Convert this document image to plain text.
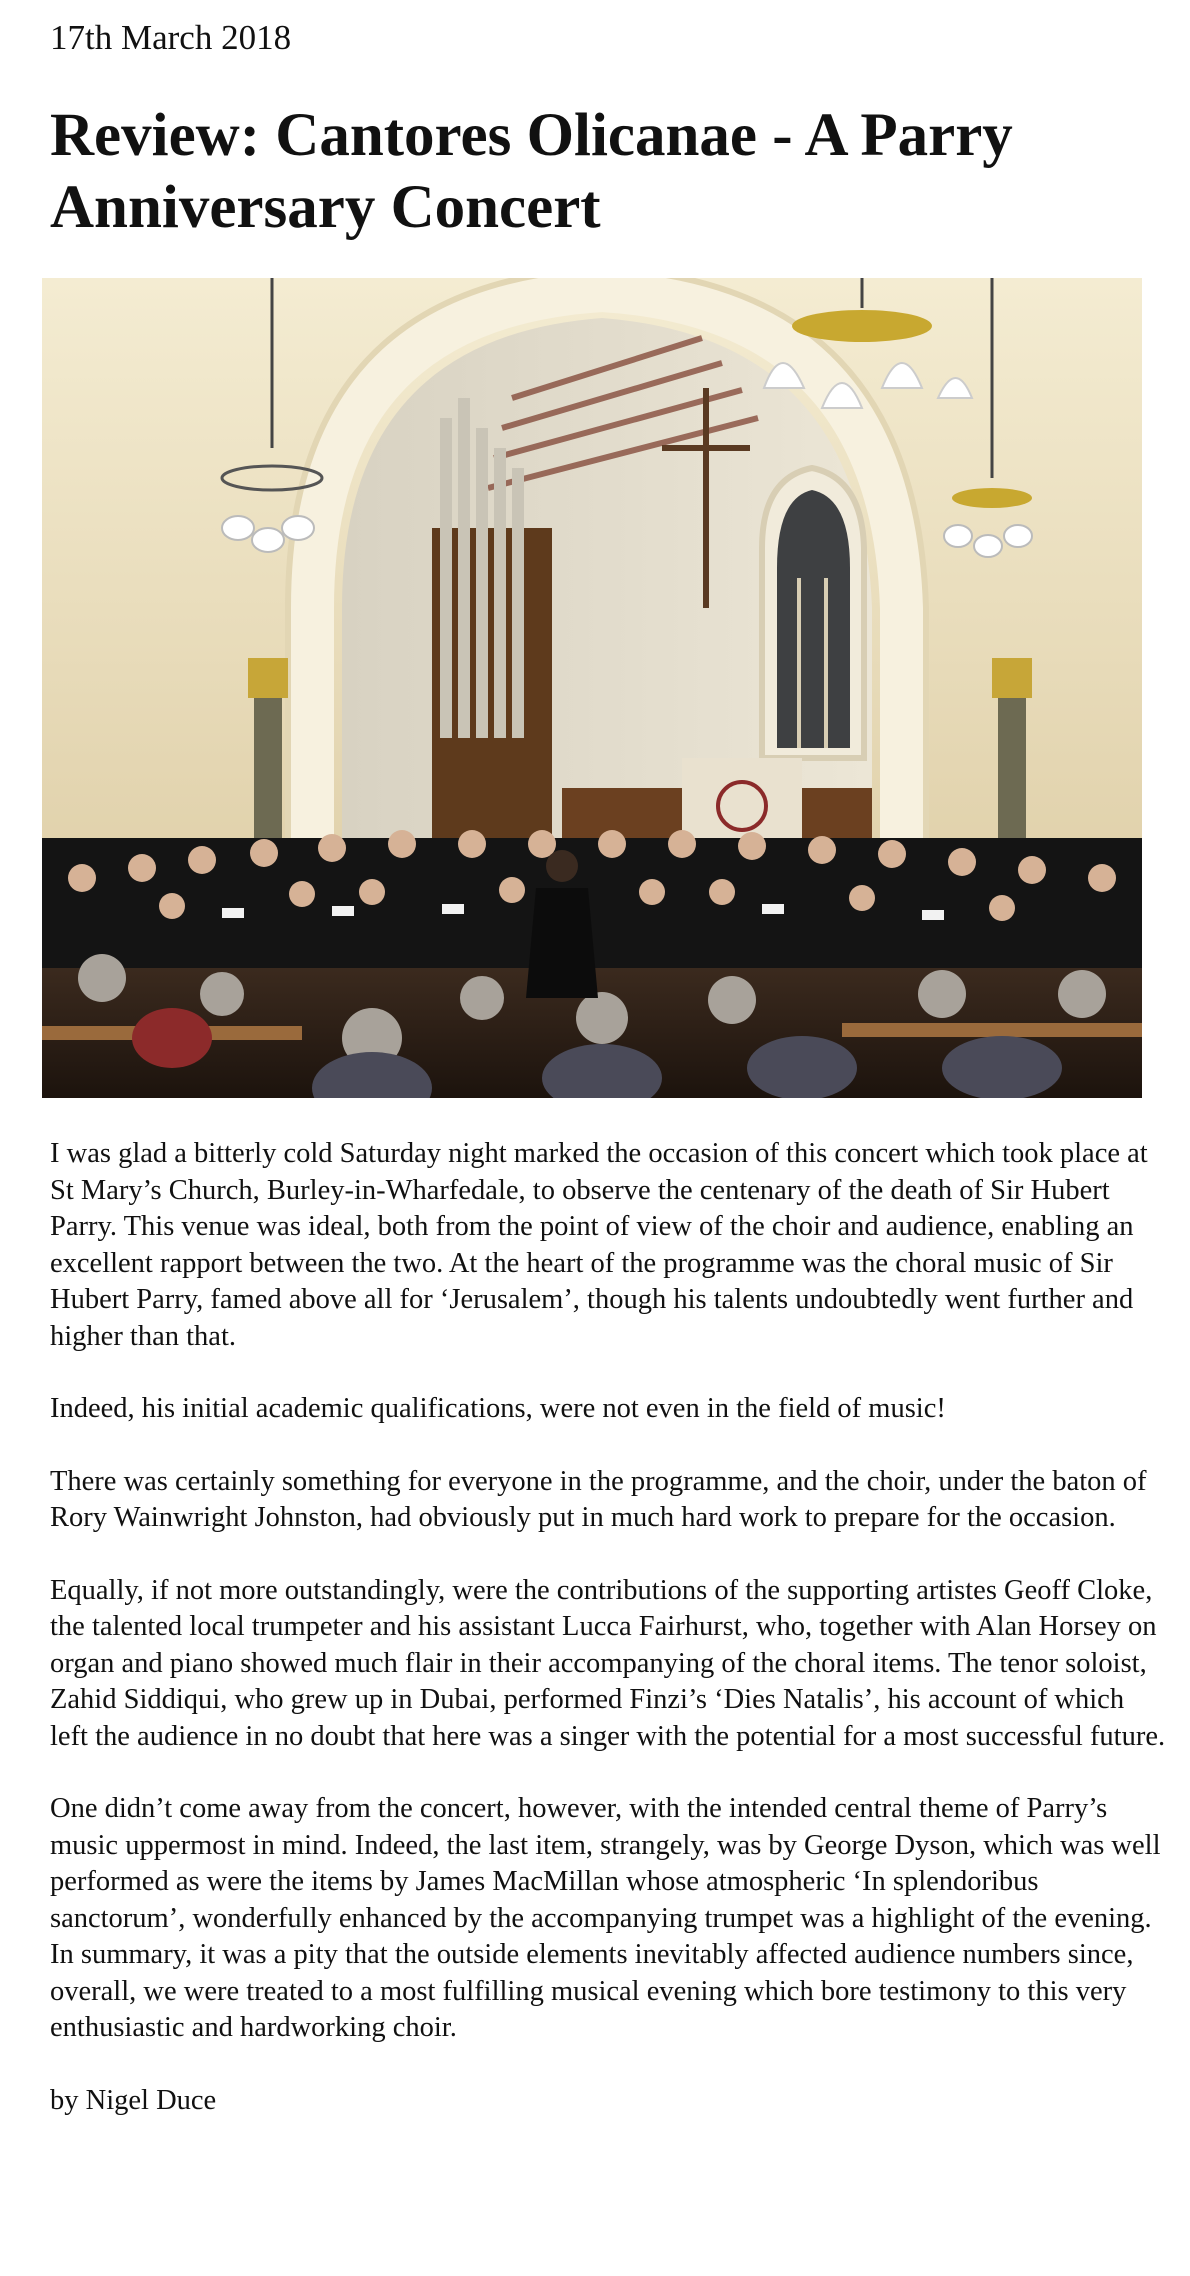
17th March 2018
Review: Cantores Olicanae - A Parry Anniversary Concert

I was glad a bitterly cold Saturday night marked the occasion of this concert which took place at St Mary’s Church, Burley-in-Wharfedale, to observe the centenary of the death of Sir Hubert Parry. This venue was ideal, both from the point of view of the choir and audience, enabling an excellent rapport between the two. At the heart of the programme was the choral music of Sir Hubert Parry, famed above all for ‘Jerusalem’, though his talents undoubtedly went further and higher than that.

Indeed, his initial academic qualifications, were not even in the field of music!

There was certainly something for everyone in the programme, and the choir, under the baton of Rory Wainwright Johnston, had obviously put in much hard work to prepare for the occasion.

Equally, if not more outstandingly, were the contributions of the supporting artistes Geoff Cloke, the talented local trumpeter and his assistant Lucca Fairhurst, who, together with Alan Horsey on organ and piano showed much flair in their accompanying of the choral items. The tenor soloist, Zahid Siddiqui, who grew up in Dubai, performed Finzi’s ‘Dies Natalis’, his account of which left the audience in no doubt that here was a singer with the potential for a most successful future.

One didn’t come away from the concert, however, with the intended central theme of Parry’s music uppermost in mind. Indeed, the last item, strangely, was by George Dyson, which was well performed as were the items by James MacMillan whose atmospheric ‘In splendoribus sanctorum’, wonderfully enhanced by the accompanying trumpet was a highlight of the evening. In summary, it was a pity that the outside elements inevitably affected audience numbers since, overall, we were treated to a most fulfilling musical evening which bore testimony to this very enthusiastic and hardworking choir.

by Nigel Duce
